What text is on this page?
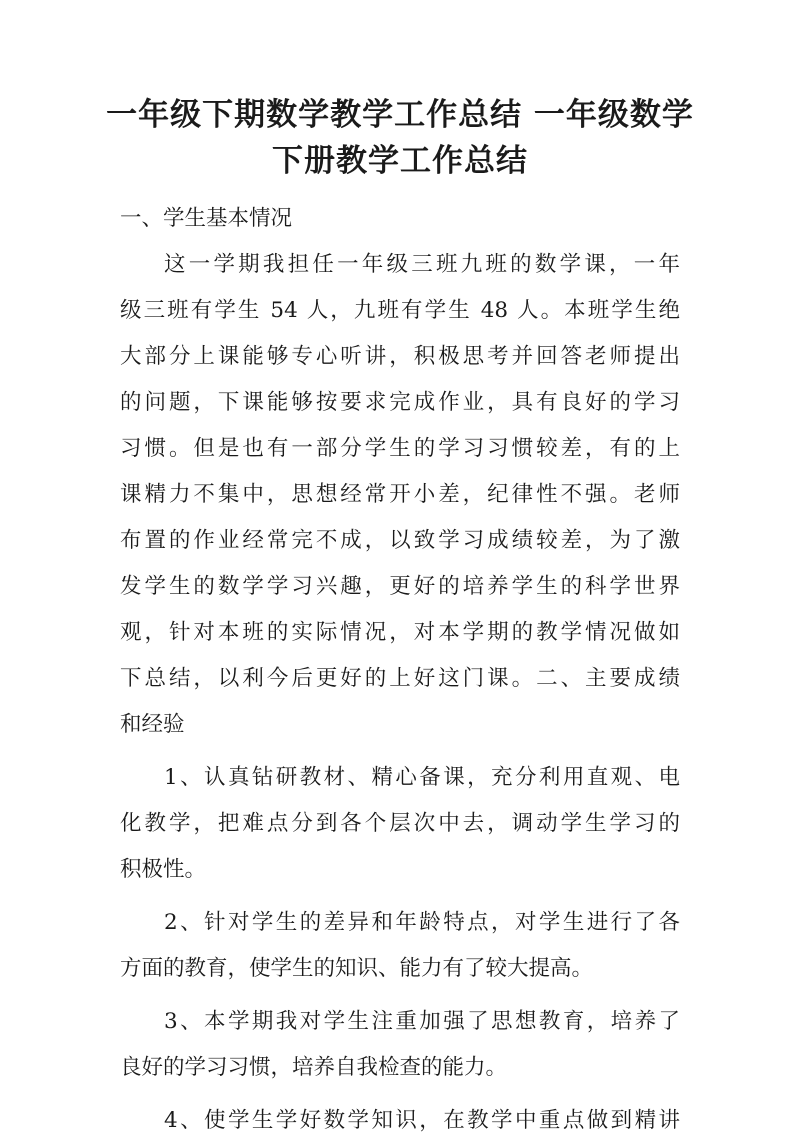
一年级下期数学教学工作总结 一年级数学
下册教学工作总结
一、学生基本情况
这一学期我担任一年级三班九班的数学课，一年
级三班有学生 54 人，九班有学生 48 人。本班学生绝
大部分上课能够专心听讲，积极思考并回答老师提出
的问题，下课能够按要求完成作业，具有良好的学习
习惯。但是也有一部分学生的学习习惯较差，有的上
课精力不集中，思想经常开小差，纪律性不强。老师
布置的作业经常完不成，以致学习成绩较差，为了激
发学生的数学学习兴趣，更好的培养学生的科学世界
观，针对本班的实际情况，对本学期的教学情况做如
下总结，以利今后更好的上好这门课。二、主要成绩
和经验
1、认真钻研教材、精心备课，充分利用直观、电
化教学，把难点分到各个层次中去，调动学生学习的
积极性。
2、针对学生的差异和年龄特点，对学生进行了各
方面的教育，使学生的知识、能力有了较大提高。
3、本学期我对学生注重加强了思想教育，培养了
良好的学习习惯，培养自我检查的能力。
4、使学生学好数学知识，在教学中重点做到精讲
